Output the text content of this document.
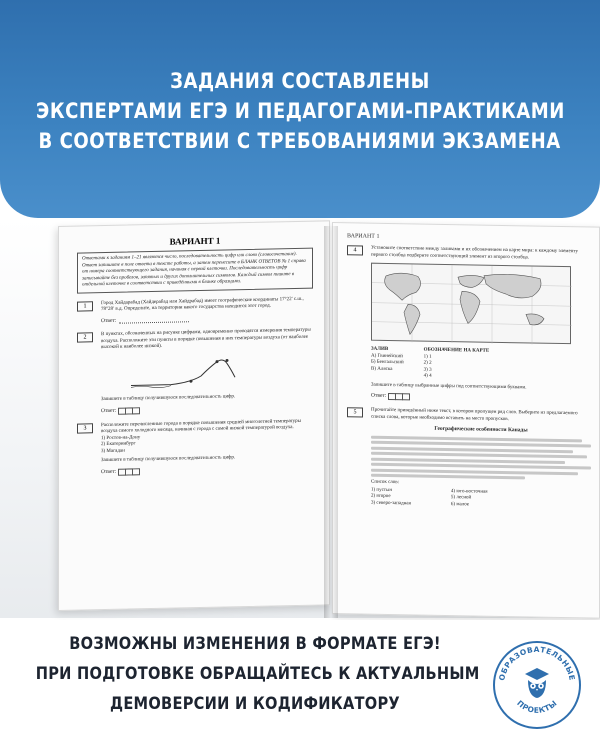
ЗАДАНИЯ СОСТАВЛЕНЫ
ЭКСПЕРТАМИ ЕГЭ И ПЕДАГОГАМИ-ПРАКТИКАМИ
В СООТВЕТСТВИИ С ТРЕБОВАНИЯМИ ЭКЗАМЕНА
ВАРИАНТ 1
Ответами к заданиям 1–21 являются число, последовательность цифр или слово (словосочетание). Ответ запишите в поле ответа в тексте работы, а затем перенесите в БЛАНК ОТВЕТОВ № 1 справа от номера соответствующего задания, начиная с первой клеточки. Последовательность цифр записывайте без пробелов, запятых и других дополнительных символов. Каждый символ пишите в отдельной клеточке в соответствии с приведёнными в бланке образцами.
1
Город Хайдарабад (Хайдерабад или Хайдрабад) имеет географические координаты 17°22′ с.ш., 78°28′ в.д. Определите, на территории какого государства находится этот город.
Ответ:
2
В пунктах, обозначенных на рисунке цифрами, одновременно проводятся измерения температуры воздуха. Расположите эти пункты в порядке повышения в них температуры воздуха (от наиболее высокой к наиболее низкой).
Запишите в таблицу получившуюся последовательность цифр.
Ответ:
3
Расположите перечисленные города в порядке повышения средней многолетней температуры воздуха самого холодного месяца, начиная с города с самой низкой температурой воздуха.
1) Ростов-на-Дону
2) Екатеринбург
3) Магадан
Запишите в таблицу получившуюся последовательность цифр.
Ответ:
ВАРИАНТ 1
4	Установите соответствие между заливами и их обозначением на карте мира: к каждому элементу первого столбца подберите соответствующий элемент из второго столбца.
ЗАЛИВ
А) Гвинейский
Б) Бенгальский
В) Аляска
ОБОЗНАЧЕНИЕ НА КАРТЕ
1) 1
2) 2
3) 3
4) 4
Запишите в таблицу выбранные цифры под соответствующими буквами.
Ответ:
5	Прочитайте приведённый ниже текст, в котором пропущен ряд слов. Выберите из предлагаемого списка слова, которые необходимо вставить на место пропусков.
Географические особенности Канады
Список слов:
1) пустын
2) второе
3) северо-западная
4) юго-восточная
5) лесной
6) малое
ВОЗМОЖНЫ ИЗМЕНЕНИЯ В ФОРМАТЕ ЕГЭ!
ПРИ ПОДГОТОВКЕ ОБРАЩАЙТЕСЬ К АКТУАЛЬНЫМ
ДЕМОВЕРСИИ И КОДИФИКАТОРУ
ОБРАЗОВАТЕЛЬНЫЕ
ПРОЕКТЫ
